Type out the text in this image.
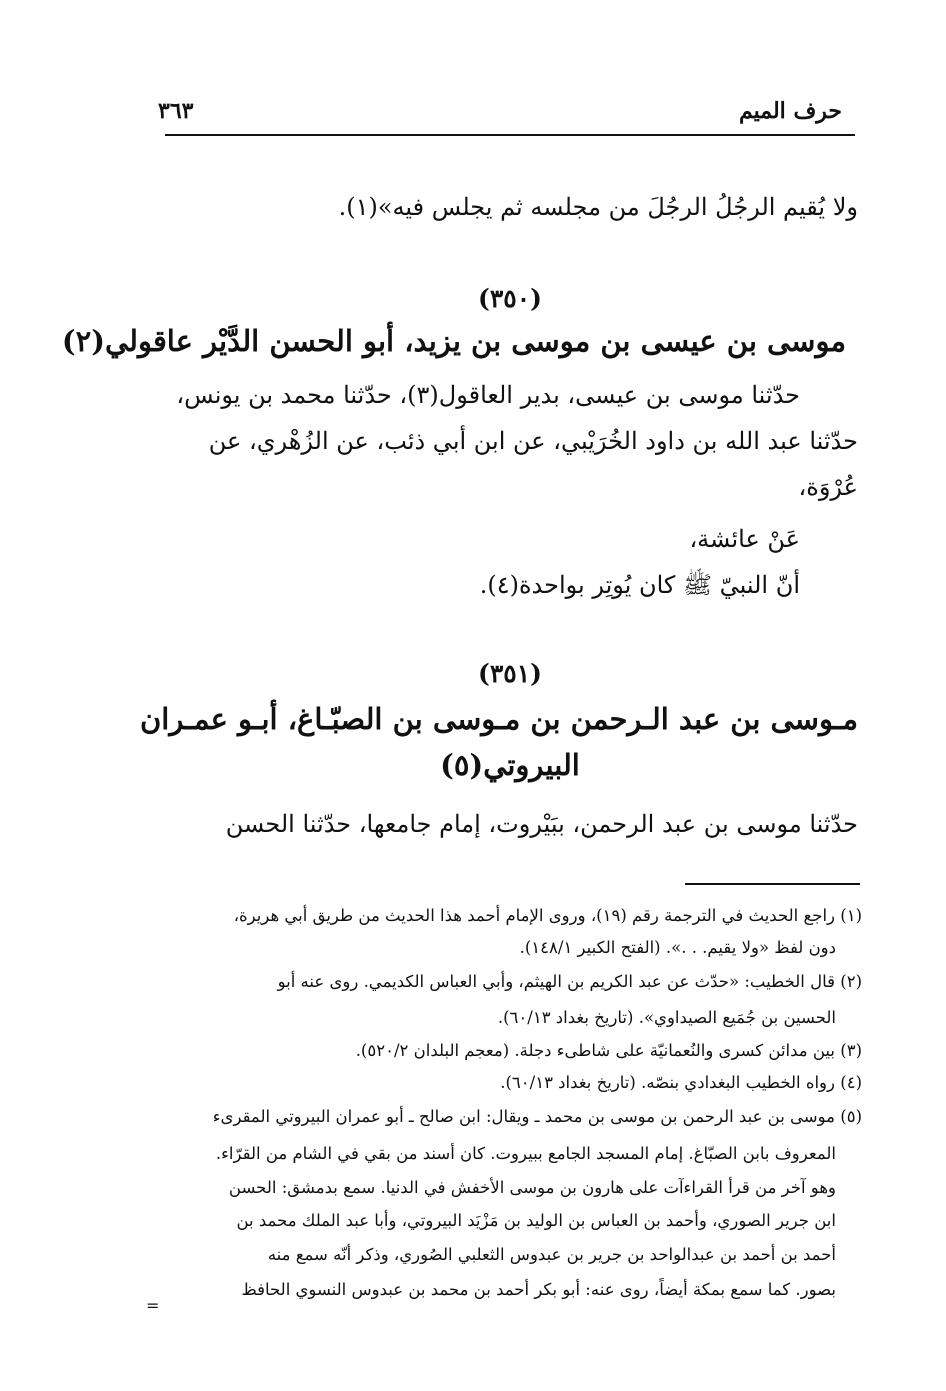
حرف الميم
٣٦٣
ولا يُقيم الرجُلُ الرجُلَ من مجلسه ثم يجلس فيه»(١).
(٣٥٠)
موسى بن عيسى بن موسى بن يزيد، أبو الحسن الدَّيْر عاقولي(٢)
حدّثنا موسى بن عيسى، بدير العاقول(٣)، حدّثنا محمد بن يونس،
حدّثنا عبد الله بن داود الخُرَيْبي، عن ابن أبي ذئب، عن الزُهْري، عن
عُرْوَة،
عَنْ عائشة،
أنّ النبيّ ﷺ كان يُوتِر بواحدة(٤).
(٣٥١)
مـوسى بن عبد الـرحمن بن مـوسى بن الصبّـاغ، أبـو عمـران
البيروتي(٥)
حدّثنا موسى بن عبد الرحمن، ببَيْروت، إمام جامعها، حدّثنا الحسن
(١) راجع الحديث في الترجمة رقم (١٩)، وروى الإمام أحمد هذا الحديث من طريق أبي هريرة،
دون لفظ «ولا يقيم. . .». (الفتح الكبير ١٤٨/١).
(٢) قال الخطيب: «حدّث عن عبد الكريم بن الهيثم، وأبي العباس الكديمي. روى عنه أبو
الحسين بن جُمَيع الصيداوي». (تاريخ بغداد ٦٠/١٣).
(٣) بين مدائن كسرى والنُعمانيّة على شاطىء دجلة. (معجم البلدان ٥٢٠/٢).
(٤) رواه الخطيب البغدادي بنصّه. (تاريخ بغداد ٦٠/١٣).
(٥) موسى بن عبد الرحمن بن موسى بن محمد ـ ويقال: ابن صالح ـ أبو عمران البيروتي المقرىء
المعروف بابن الصبّاغ. إمام المسجد الجامع ببيروت. كان أسند من بقي في الشام من القرّاء.
وهو آخر من قرأ القراءآت على هارون بن موسى الأخفش في الدنيا. سمع بدمشق: الحسن
ابن جرير الصوري، وأحمد بن العباس بن الوليد بن مَزْيَد البيروتي، وأبا عبد الملك محمد بن
أحمد بن أحمد بن عبدالواحد بن جرير بن عبدوس الثعلبي الصُوري، وذكر أنّه سمع منه
بصور. كما سمع بمكة أيضاً، روى عنه: أبو بكر أحمد بن محمد بن عبدوس النسوي الحافظ
=
